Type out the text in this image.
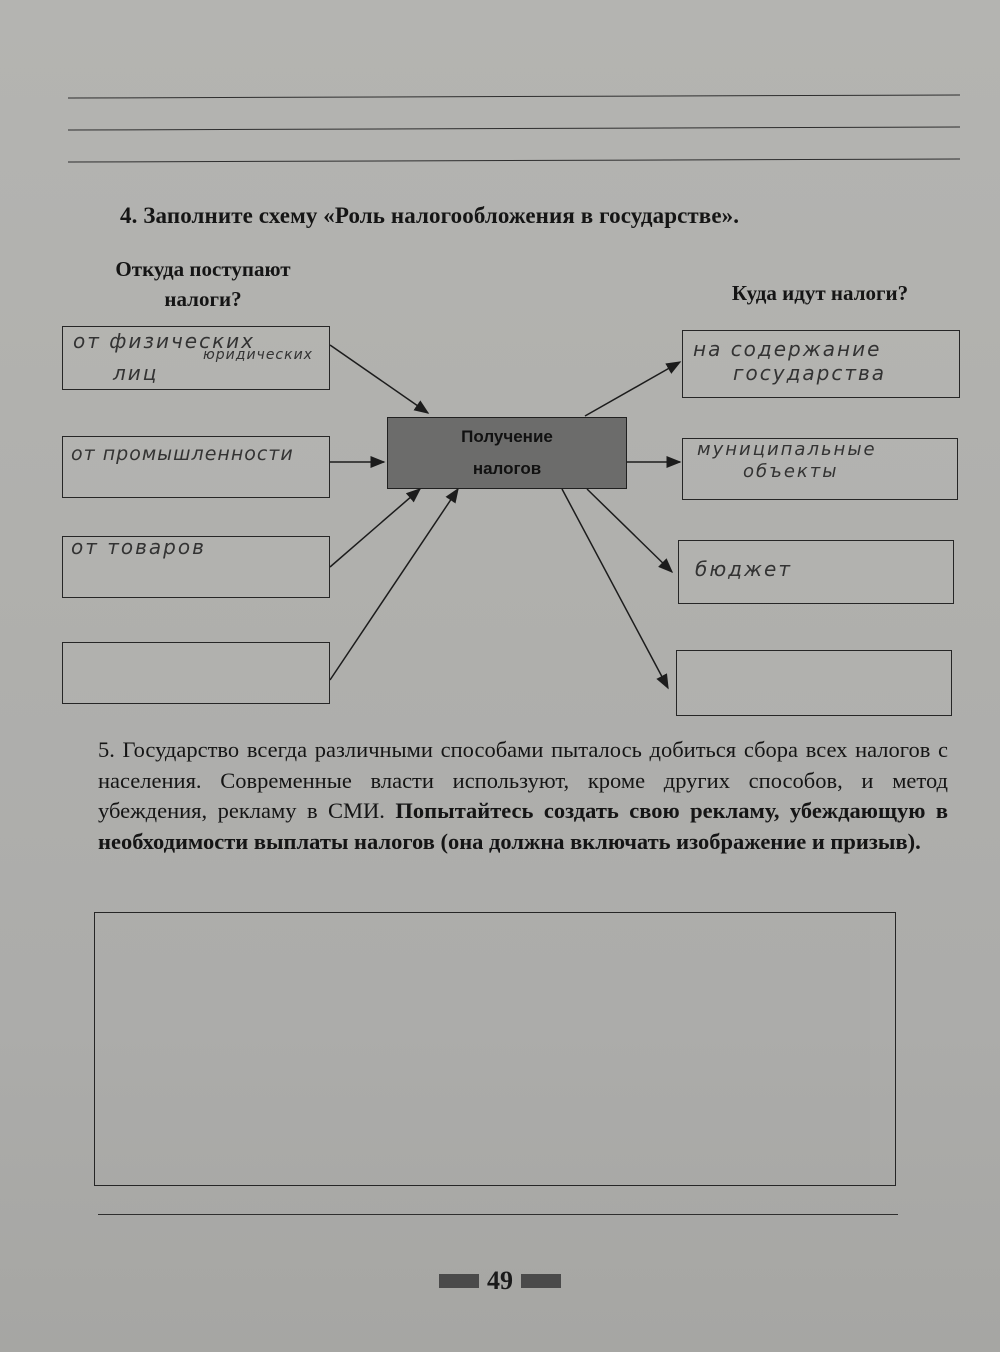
4. Заполните схему «Роль налогообложения в государстве».
Откуда поступают налоги?	Куда идут налоги?
от физических
юридических
лиц
от промышленности
от товаров
Получение налогов
на содержание
государства
муниципальные
объекты
бюджет
5. Государство всегда различными способами пыталось добиться сбора всех налогов с населения. Современные власти используют, кроме других способов, и метод убеждения, рекламу в СМИ. Попытайтесь создать свою рекламу, убеждающую в необходимости выплаты налогов (она должна включать изображение и призыв).
49
